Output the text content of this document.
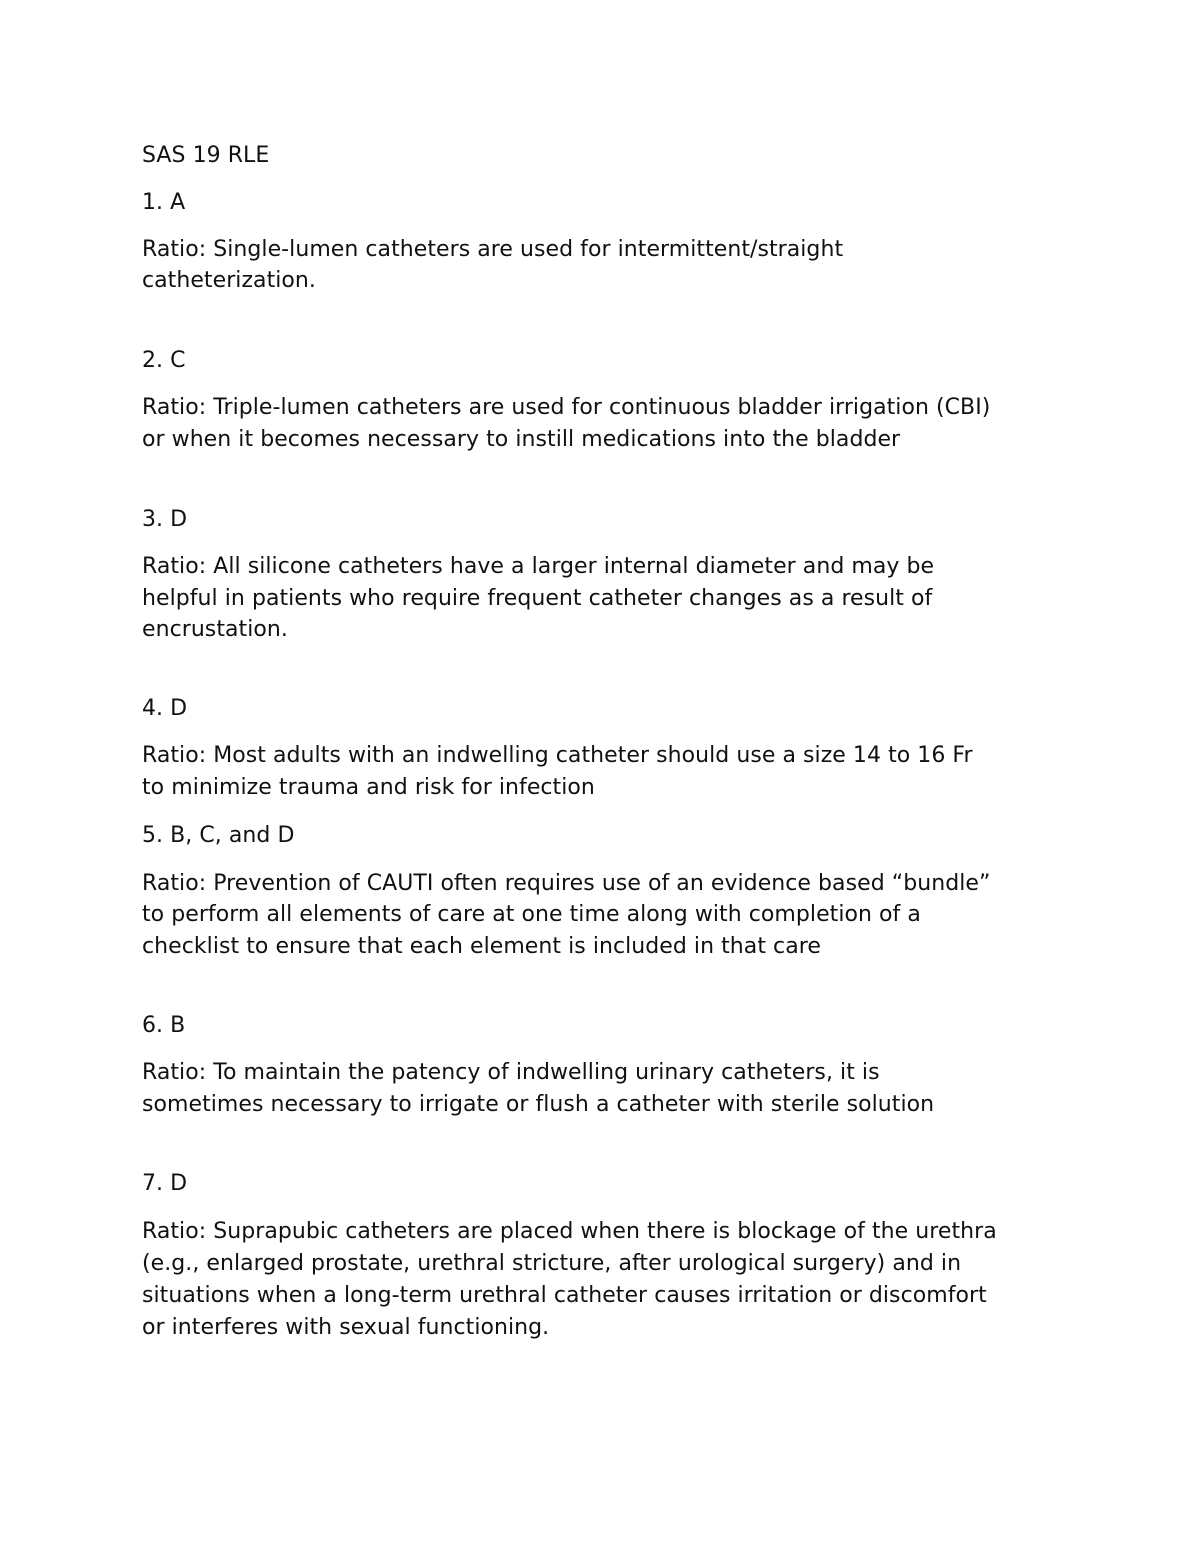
SAS 19 RLE
1. A
Ratio: Single-lumen catheters are used for intermittent/straight
catheterization.
2. C
Ratio: Triple-lumen catheters are used for continuous bladder irrigation (CBI)
or when it becomes necessary to instill medications into the bladder
3. D
Ratio: All silicone catheters have a larger internal diameter and may be
helpful in patients who require frequent catheter changes as a result of
encrustation.
4. D
Ratio: Most adults with an indwelling catheter should use a size 14 to 16 Fr
to minimize trauma and risk for infection
5. B, C, and D
Ratio: Prevention of CAUTI often requires use of an evidence based “bundle”
to perform all elements of care at one time along with completion of a
checklist to ensure that each element is included in that care
6. B
Ratio: To maintain the patency of indwelling urinary catheters, it is
sometimes necessary to irrigate or flush a catheter with sterile solution
7. D
Ratio: Suprapubic catheters are placed when there is blockage of the urethra
(e.g., enlarged prostate, urethral stricture, after urological surgery) and in
situations when a long-term urethral catheter causes irritation or discomfort
or interferes with sexual functioning.
